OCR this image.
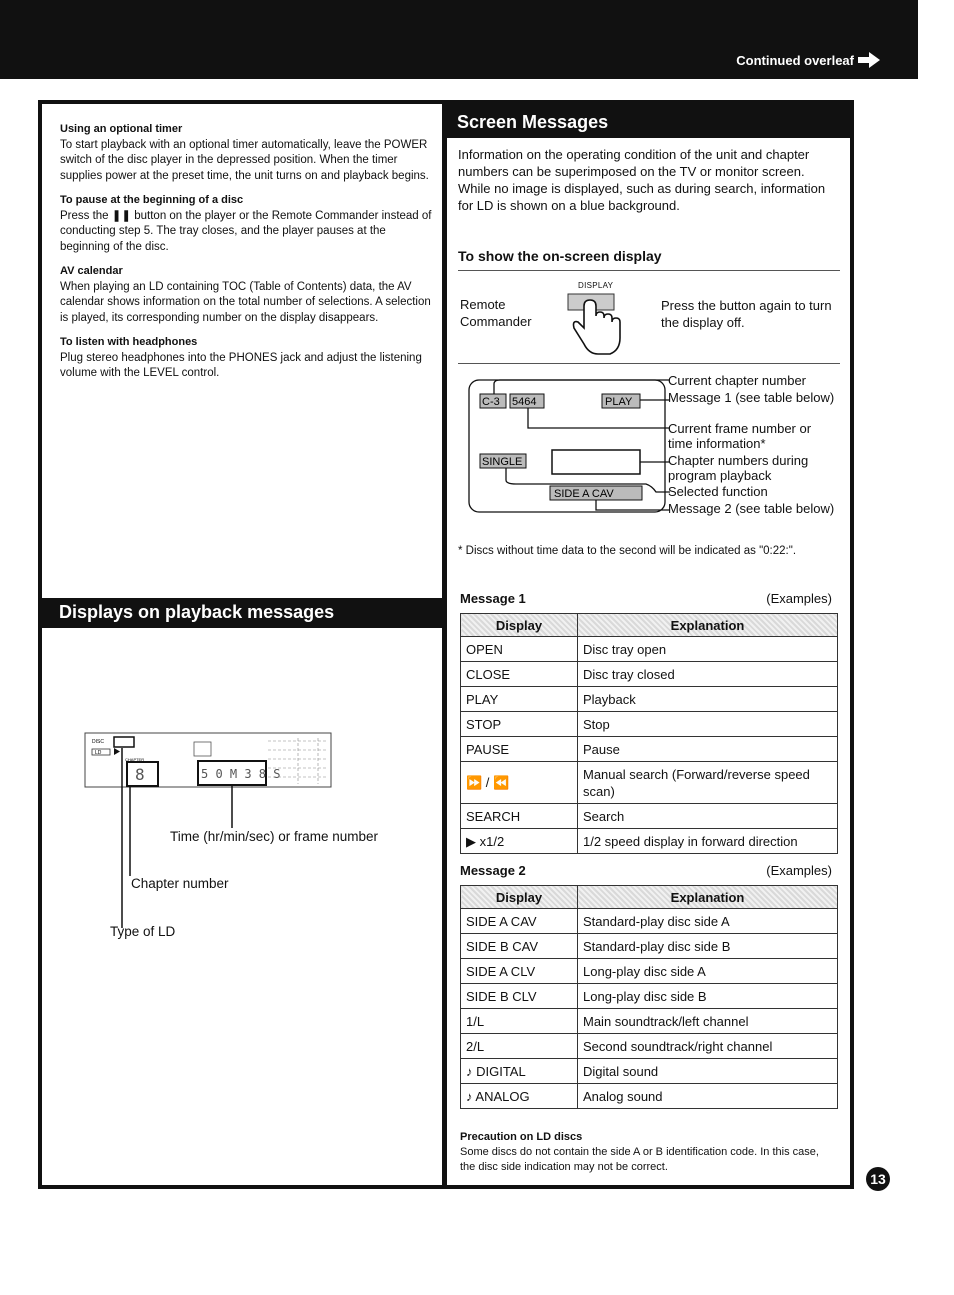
Continued overleaf
Using an optional timer

To start playback with an optional timer automatically, leave the POWER switch of the disc player in the depressed position. When the timer supplies power at the preset time, the unit turns on and playback begins.

To pause at the beginning of a disc

Press the ❚❚ button on the player or the Remote Commander instead of conducting step 5. The tray closes, and the player pauses at the beginning of the disc.

AV calendar

When playing an LD containing TOC (Table of Contents) data, the AV calendar shows information on the total number of selections. A selection is played, its corresponding number on the display disappears.

To listen with headphones

Plug stereo headphones into the PHONES jack and adjust the listening volume with the LEVEL control.

Displays on playback messages
DISC
LD
CHAPTER
8	5 0 M 3 8 S
Time (hr/min/sec) or frame number
Chapter number
Type of LD
Screen Messages
Information on the operating condition of the unit and chapter numbers can be superimposed on the TV or monitor screen. While no image is displayed, such as during search, information for LD is shown on a blue background.
To show the on-screen display
DISPLAY
Remote Commander
Press the button again to turn the display off.
C-3 5464	PLAY
SINGLE
SIDE A CAV
Current chapter number
Message 1 (see table below)
Current frame number or time information*
Chapter numbers during program playback
Selected function
Message 2 (see table below)
* Discs without time data to the second will be indicated as "0:22:".
Message 1	(Examples)
Display	Explanation
OPEN	Disc tray open
CLOSE	Disc tray closed
PLAY	Playback
STOP	Stop
PAUSE	Pause
⏩ / ⏪	Manual search (Forward/reverse speed scan)
SEARCH	Search
▶ x1/2	1/2 speed display in forward direction
Message 2	(Examples)
Display	Explanation
SIDE A CAV	Standard-play disc side A
SIDE B CAV	Standard-play disc side B
SIDE A CLV	Long-play disc side A
SIDE B CLV	Long-play disc side B
1/L	Main soundtrack/left channel
2/L	Second soundtrack/right channel
♪ DIGITAL	Digital sound
♪ ANALOG	Analog sound
Precaution on LD discs

Some discs do not contain the side A or B identification code. In this case, the disc side indication may not be correct.

13
